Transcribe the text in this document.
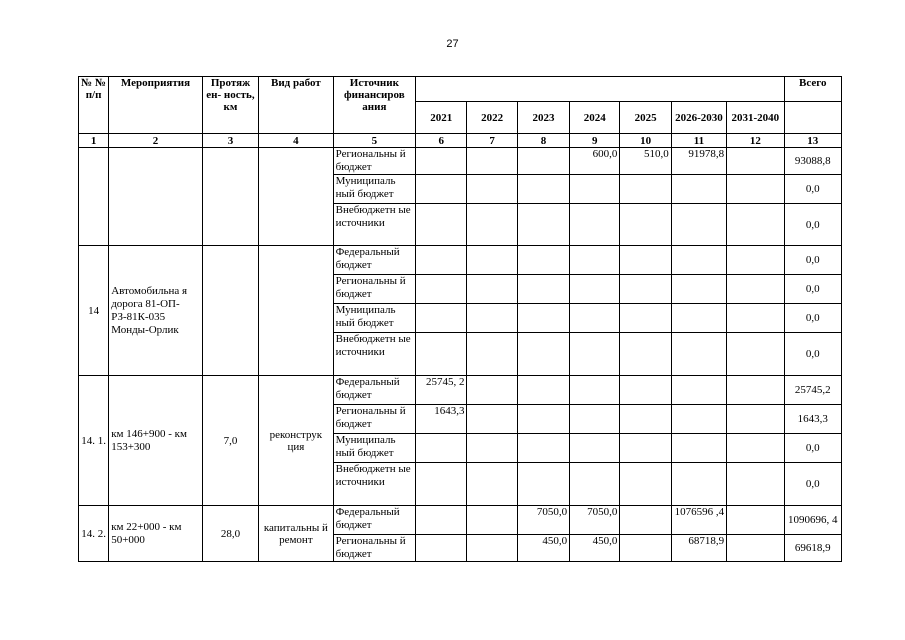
27
№ № п/п	Мероприятия	Протяж ен- ность, км	Вид работ	Источник финансиров ания								Всего
					2021	2022	2023	2024	2025	2026-2030	2031-2040	
1	2	3	4	5	6	7	8	9	10	11	12	13
				Региональны й бюджет				600,0	510,0	91978,8		93088,8
				Муниципаль ный бюджет								0,0
				Внебюджетн ые источники								0,0
14	Автомобильна я дорога 81-ОП-РЗ-81К-035 Монды-Орлик			Федеральный бюджет								0,0
				Региональны й бюджет								0,0
				Муниципаль ный бюджет								0,0
				Внебюджетн ые источники								0,0
14. 1.	км 146+900 - км 153+300	7,0	реконструк ция	Федеральный бюджет	25745, 2							25745,2
				Региональны й бюджет	1643,3							1643,3
				Муниципаль ный бюджет								0,0
				Внебюджетн ые источники								0,0
14. 2.	км 22+000 - км 50+000	28,0	капитальны й ремонт	Федеральный бюджет			7050,0	7050,0		1076596 ,4		1090696, 4
				Региональны й бюджет			450,0	450,0		68718,9		69618,9
